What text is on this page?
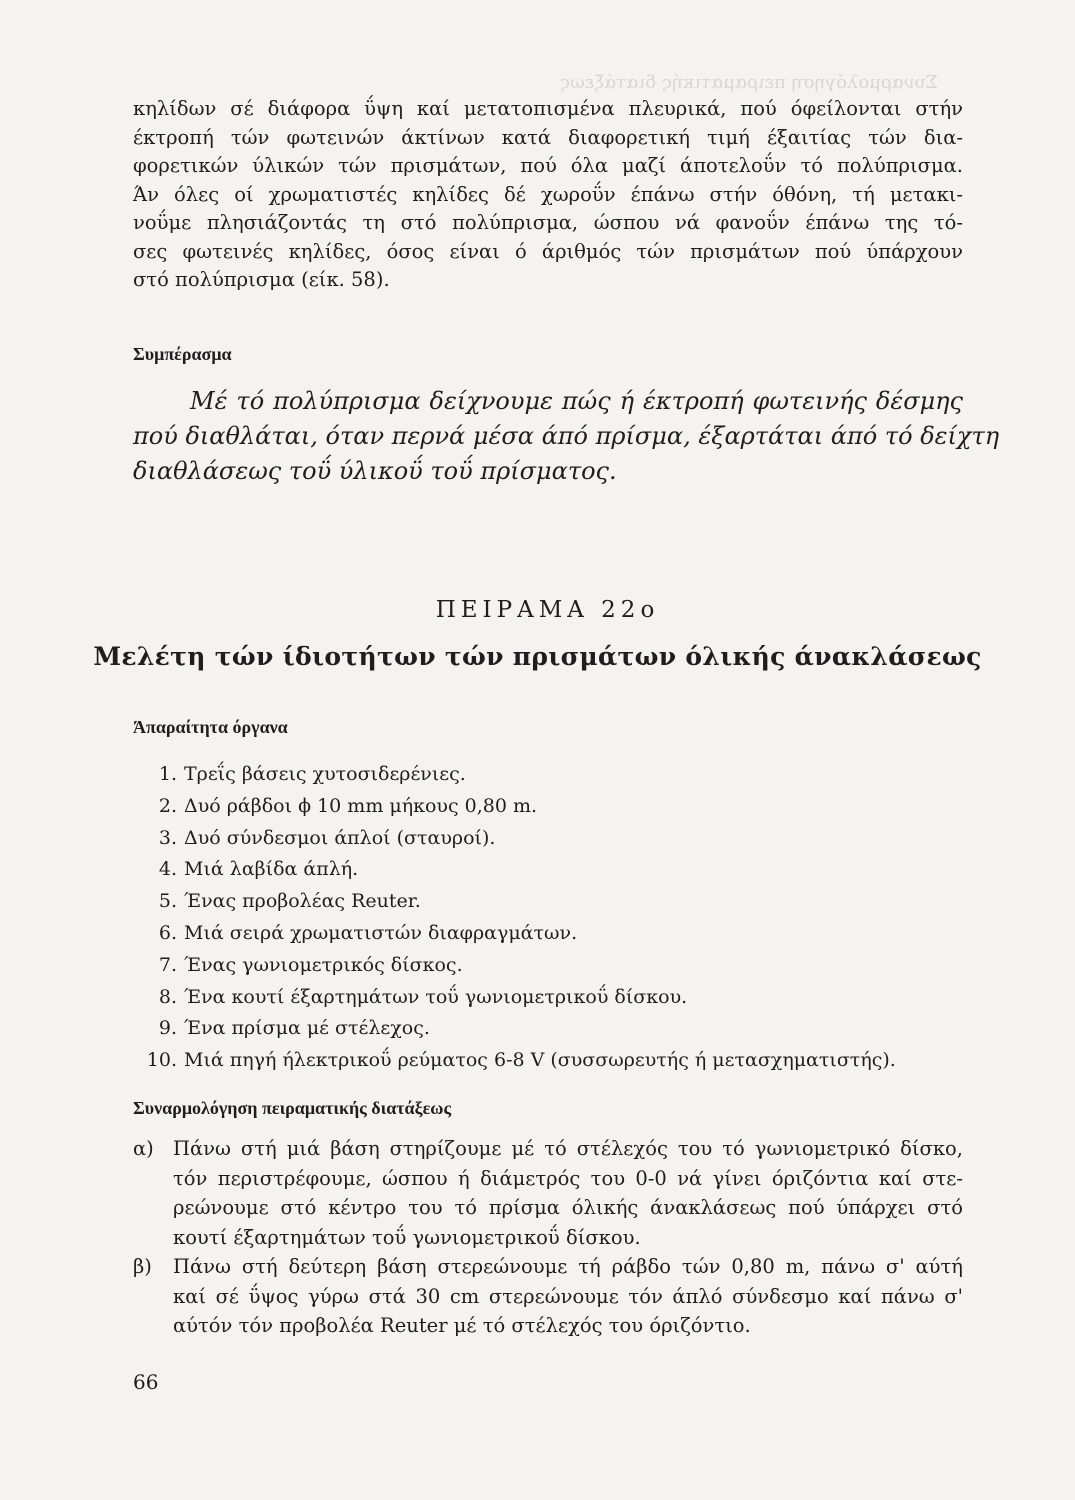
Συναρμολόγηση πειραματικής διατάξεως
κηλίδων σέ διάφορα ΰψη καί μετατοπισμένα πλευρικά, πού όφείλονται στήν
έκτροπή τών φωτεινών άκτίνων κατά διαφορετική τιμή έξαιτίας τών δια-
φορετικών ύλικών τών πρισμάτων, πού όλα μαζί άποτελοΰν τό πολύπρισμα.
Άν όλες οί χρωματιστές κηλίδες δέ χωροΰν έπάνω στήν όθόνη, τή μετακι-
νοΰμε πλησιάζοντάς τη στό πολύπρισμα, ώσπου νά φανοΰν έπάνω της τό-
σες φωτεινές κηλίδες, όσος είναι ό άριθμός τών πρισμάτων πού ύπάρχουν
στό πολύπρισμα (είκ. 58).
Συμπέρασμα
Μέ τό πολύπρισμα δείχνουμε πώς ή έκτροπή φωτεινής δέσμης
πού διαθλάται, όταν περνά μέσα άπό πρίσμα, έξαρτάται άπό τό δείχτη
διαθλάσεως τοΰ ύλικοΰ τοΰ πρίσματος.
ΠΕΙΡΑΜΑ 22ο
Μελέτη τών ίδιοτήτων τών πρισμάτων όλικής άνακλάσεως
Άπαραίτητα όργανα
1. Τρεΐς βάσεις χυτοσιδερένιες.
2. Δυό ράβδοι ϕ 10 mm μήκους 0,80 m.
3. Δυό σύνδεσμοι άπλοί (σταυροί).
4. Μιά λαβίδα άπλή.
5. Ένας προβολέας Reuter.
6. Μιά σειρά χρωματιστών διαφραγμάτων.
7. Ένας γωνιομετρικός δίσκος.
8. Ένα κουτί έξαρτημάτων τοΰ γωνιομετρικοΰ δίσκου.
9. Ένα πρίσμα μέ στέλεχος.
10. Μιά πηγή ήλεκτρικοΰ ρεύματος 6-8 V (συσσωρευτής ή μετασχηματιστής).
Συναρμολόγηση πειραματικής διατάξεως
α) Πάνω στή μιά βάση στηρίζουμε μέ τό στέλεχός του τό γωνιομετρικό δίσκο,
τόν περιστρέφουμε, ώσπου ή διάμετρός του 0-0 νά γίνει όριζόντια καί στε-
ρεώνουμε στό κέντρο του τό πρίσμα όλικής άνακλάσεως πού ύπάρχει στό
κουτί έξαρτημάτων τοΰ γωνιομετρικοΰ δίσκου.
β) Πάνω στή δεύτερη βάση στερεώνουμε τή ράβδο τών 0,80 m, πάνω σ' αύτή
καί σέ ΰψος γύρω στά 30 cm στερεώνουμε τόν άπλό σύνδεσμο καί πάνω σ'
αύτόν τόν προβολέα Reuter μέ τό στέλεχός του όριζόντιο.
66
